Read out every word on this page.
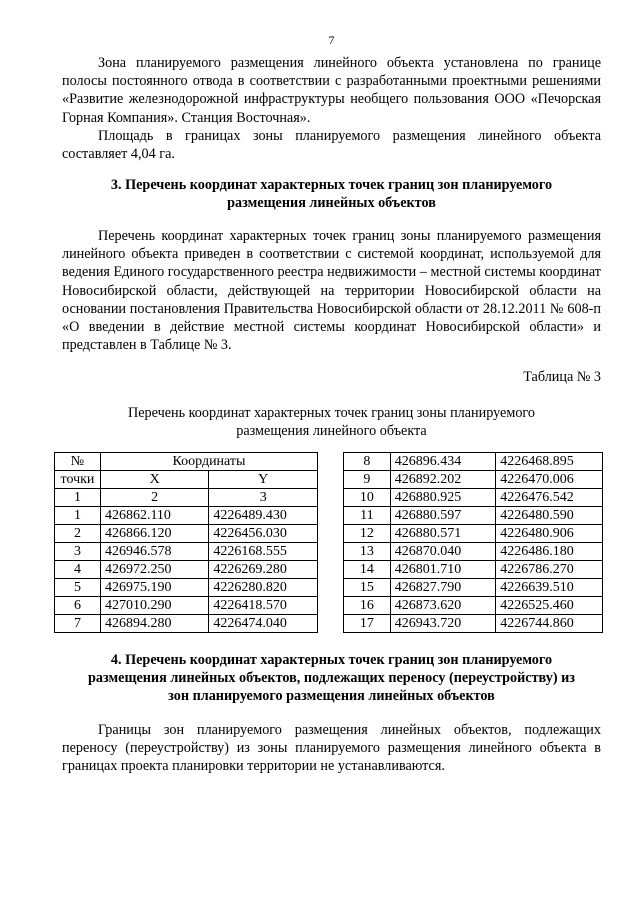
7

Зона планируемого размещения линейного объекта установлена по границе полосы постоянного отвода в соответствии с разработанными проектными решениями «Развитие железнодорожной инфраструктуры необщего пользования ООО «Печорская Горная Компания». Станция Восточная».

Площадь в границах зоны планируемого размещения линейного объекта составляет 4,04 га.

3. Перечень координат характерных точек границ зон планируемого

размещения линейных объектов

Перечень координат характерных точек границ зоны планируемого размещения линейного объекта приведен в соответствии с системой координат, используемой для ведения Единого государственного реестра недвижимости – местной системы координат Новосибирской области, действующей на территории Новосибирской области на основании постановления Правительства Новосибирской области от 28.12.2011 № 608-п «О введении в действие местной системы координат Новосибирской области» и представлен в Таблице № 3.

Таблица № 3

Перечень координат характерных точек границ зоны планируемого

размещения линейного объекта

№	Координаты	
точки	X	Y
1	2	3
1	426862.110	4226489.430
2	426866.120	4226456.030
3	426946.578	4226168.555
4	426972.250	4226269.280
5	426975.190	4226280.820
6	427010.290	4226418.570
7	426894.280	4226474.040
8	426896.434	4226468.895
9	426892.202	4226470.006
10	426880.925	4226476.542
11	426880.597	4226480.590
12	426880.571	4226480.906
13	426870.040	4226486.180
14	426801.710	4226786.270
15	426827.790	4226639.510
16	426873.620	4226525.460
17	426943.720	4226744.860

4. Перечень координат характерных точек границ зон планируемого

размещения линейных объектов, подлежащих переносу (переустройству) из

зон планируемого размещения линейных объектов

Границы зон планируемого размещения линейных объектов, подлежащих переносу (переустройству) из зоны планируемого размещения линейного объекта в границах проекта планировки территории не устанавливаются.
